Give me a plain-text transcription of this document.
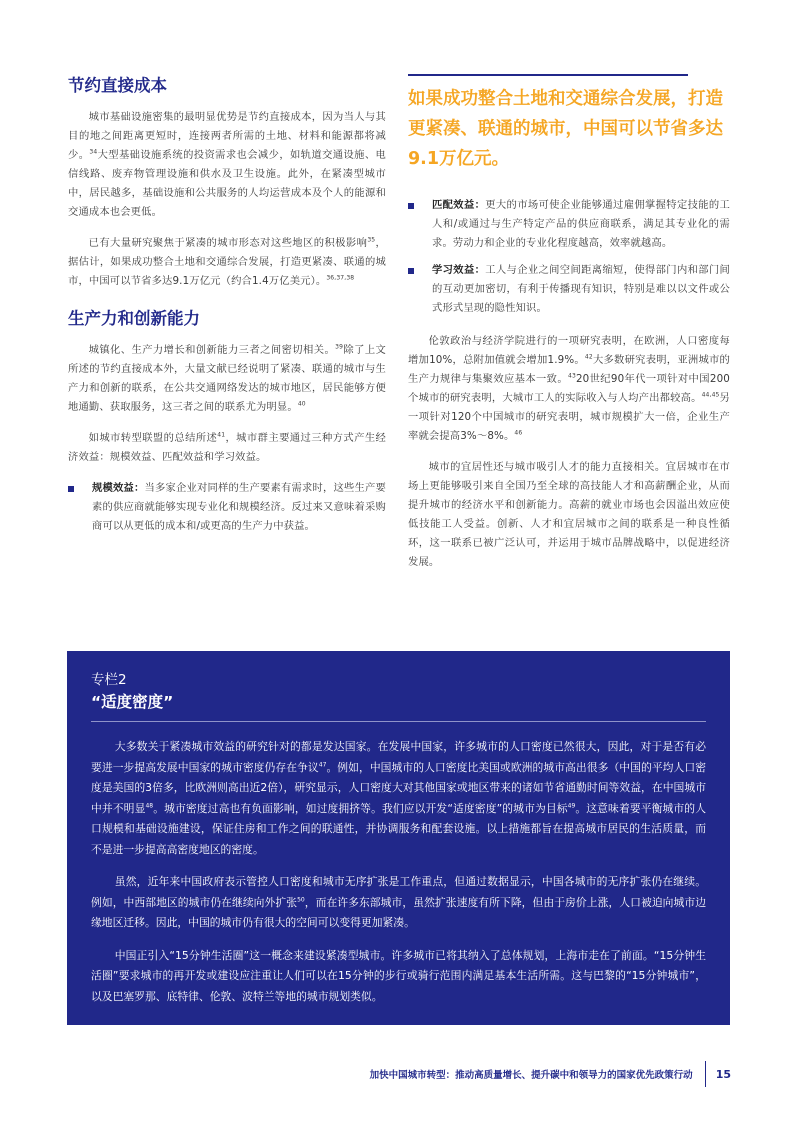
节约直接成本

城市基础设施密集的最明显优势是节约直接成本，因为当人与其目的地之间距离更短时，连接两者所需的土地、材料和能源都将减少。$^{34}$大型基础设施系统的投资需求也会减少，如轨道交通设施、电信线路、废弃物管理设施和供水及卫生设施。此外，在紧凑型城市中，居民越多，基础设施和公共服务的人均运营成本及个人的能源和交通成本也会更低。

已有大量研究聚焦于紧凑的城市形态对这些地区的积极影响$^{35}$，据估计，如果成功整合土地和交通综合发展，打造更紧凑、联通的城市，中国可以节省多达9.1万亿元（约合1.4万亿美元）。$^{36,37,38}$

生产力和创新能力

城镇化、生产力增长和创新能力三者之间密切相关。$^{39}$除了上文所述的节约直接成本外，大量文献已经说明了紧凑、联通的城市与生产力和创新的联系，在公共交通网络发达的城市地区，居民能够方便地通勤、获取服务，这三者之间的联系尤为明显。$^{40}$

如城市转型联盟的总结所述$^{41}$，城市群主要通过三种方式产生经济效益：规模效益、匹配效益和学习效益。

规模效益：当多家企业对同样的生产要素有需求时，这些生产要素的供应商就能够实现专业化和规模经济。反过来又意味着采购商可以从更低的成本和/或更高的生产力中获益。
如果成功整合土地和交通综合发展，打造更紧凑、联通的城市，中国可以节省多达9.1万亿元。
匹配效益：更大的市场可使企业能够通过雇佣掌握特定技能的工人和/或通过与生产特定产品的供应商联系，满足其专业化的需求。劳动力和企业的专业化程度越高，效率就越高。
学习效益：工人与企业之间空间距离缩短，使得部门内和部门间的互动更加密切，有利于传播现有知识，特别是难以以文件或公式形式呈现的隐性知识。

伦敦政治与经济学院进行的一项研究表明，在欧洲，人口密度每增加10%，总附加值就会增加1.9%。$^{42}$大多数研究表明，亚洲城市的生产力规律与集聚效应基本一致。$^{43}$20世纪90年代一项针对中国200个城市的研究表明，大城市工人的实际收入与人均产出都较高。$^{44,45}$另一项针对120个中国城市的研究表明，城市规模扩大一倍，企业生产率就会提高3%～8%。$^{46}$

城市的宜居性还与城市吸引人才的能力直接相关。宜居城市在市场上更能够吸引来自全国乃至全球的高技能人才和高薪酬企业，从而提升城市的经济水平和创新能力。高薪的就业市场也会因溢出效应使低技能工人受益。创新、人才和宜居城市之间的联系是一种良性循环，这一联系已被广泛认可，并运用于城市品牌战略中，以促进经济发展。

专栏2
“适度密度”

大多数关于紧凑城市效益的研究针对的都是发达国家。在发展中国家，许多城市的人口密度已然很大，因此，对于是否有必要进一步提高发展中国家的城市密度仍存在争议$^{47}$。例如，中国城市的人口密度比美国或欧洲的城市高出很多（中国的平均人口密度是美国的3倍多，比欧洲则高出近2倍），研究显示，人口密度大对其他国家或地区带来的诸如节省通勤时间等效益，在中国城市中并不明显$^{48}$。城市密度过高也有负面影响，如过度拥挤等。我们应以开发“适度密度”的城市为目标$^{49}$。这意味着要平衡城市的人口规模和基础设施建设，保证住房和工作之间的联通性，并协调服务和配套设施。以上措施都旨在提高城市居民的生活质量，而不是进一步提高高密度地区的密度。

虽然，近年来中国政府表示管控人口密度和城市无序扩张是工作重点，但通过数据显示，中国各城市的无序扩张仍在继续。例如，中西部地区的城市仍在继续向外扩张$^{50}$，而在许多东部城市，虽然扩张速度有所下降，但由于房价上涨，人口被迫向城市边缘地区迁移。因此，中国的城市仍有很大的空间可以变得更加紧凑。

中国正引入“15分钟生活圈”这一概念来建设紧凑型城市。许多城市已将其纳入了总体规划，上海市走在了前面。“15分钟生活圈”要求城市的再开发或建设应注重让人们可以在15分钟的步行或骑行范围内满足基本生活所需。这与巴黎的“15分钟城市”，以及巴塞罗那、底特律、伦敦、波特兰等地的城市规划类似。

加快中国城市转型：推动高质量增长、提升碳中和领导力的国家优先政策行动 15
